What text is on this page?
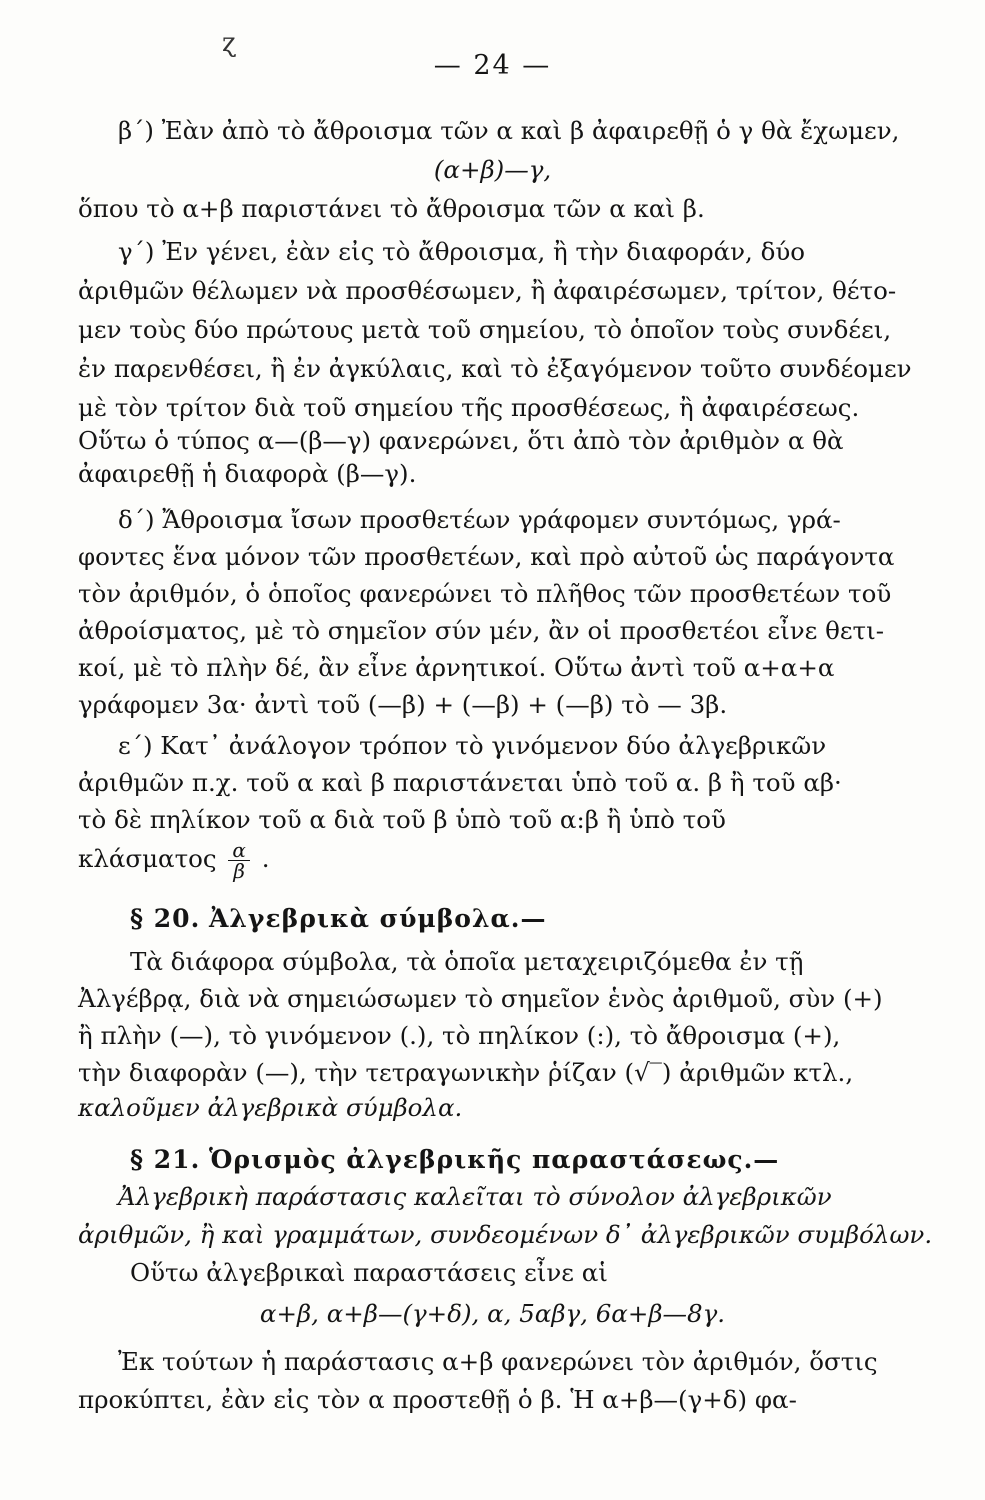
ɀ
— 24 —
β΄) Ἐὰν ἀπὸ τὸ ἄθροισμα τῶν α καὶ β ἀφαιρεθῇ ὁ γ θὰ ἔχωμεν,
(α+β)—γ,
ὅπου τὸ α+β παριστάνει τὸ ἄθροισμα τῶν α καὶ β.
γ΄) Ἐν γένει, ἐὰν εἰς τὸ ἄθροισμα, ἢ τὴν διαφοράν, δύο
ἀριθμῶν θέλωμεν νὰ προσθέσωμεν, ἢ ἀφαιρέσωμεν, τρίτον, θέτο-
μεν τοὺς δύο πρώτους μετὰ τοῦ σημείου, τὸ ὁποῖον τοὺς συνδέει,
ἐν παρενθέσει, ἢ ἐν ἀγκύλαις, καὶ τὸ ἐξαγόμενον τοῦτο συνδέομεν
μὲ τὸν τρίτον διὰ τοῦ σημείου τῆς προσθέσεως, ἢ ἀφαιρέσεως.
Οὕτω ὁ τύπος α—(β—γ) φανερώνει, ὅτι ἀπὸ τὸν ἀριθμὸν α θὰ
ἀφαιρεθῇ ἡ διαφορὰ (β—γ).
δ΄) Ἄθροισμα ἴσων προσθετέων γράφομεν συντόμως, γρά-
φοντες ἕνα μόνον τῶν προσθετέων, καὶ πρὸ αὐτοῦ ὡς παράγοντα
τὸν ἀριθμόν, ὁ ὁποῖος φανερώνει τὸ πλῆθος τῶν προσθετέων τοῦ
ἀθροίσματος, μὲ τὸ σημεῖον σύν μέν, ἂν οἱ προσθετέοι εἶνε θετι-
κοί, μὲ τὸ πλὴν δέ, ἂν εἶνε ἀρνητικοί. Οὕτω ἀντὶ τοῦ α+α+α
γράφομεν 3α· ἀντὶ τοῦ (—β) + (—β) + (—β) τὸ — 3β.
ε΄) Κατ᾿ ἀνάλογον τρόπον τὸ γινόμενον δύο ἀλγεβρικῶν
ἀριθμῶν π.χ. τοῦ α καὶ β παριστάνεται ὑπὸ τοῦ α. β ἢ τοῦ αβ·
τὸ δὲ πηλίκον τοῦ α διὰ τοῦ β ὑπὸ τοῦ α:β ἢ ὑπὸ τοῦ
κλάσματος $\frac{\alpha}{\beta}$ .
§ 20. Ἀλγεβρικὰ σύμβολα.—
Τὰ διάφορα σύμβολα, τὰ ὁποῖα μεταχειριζόμεθα ἐν τῇ
Ἀλγέβρᾳ, διὰ νὰ σημειώσωμεν τὸ σημεῖον ἑνὸς ἀριθμοῦ, σὺν (+)
ἢ πλὴν (—), τὸ γινόμενον (.), τὸ πηλίκον (:), τὸ ἄθροισμα (+),
τὴν διαφορὰν (—), τὴν τετραγωνικὴν ῥίζαν (√‾) ἀριθμῶν κτλ.,
καλοῦμεν ἀλγεβρικὰ σύμβολα.
§ 21. Ὁρισμὸς ἀλγεβρικῆς παραστάσεως.—
Ἀλγεβρικὴ παράστασις καλεῖται τὸ σύνολον ἀλγεβρικῶν
ἀριθμῶν, ἢ καὶ γραμμάτων, συνδεομένων δ᾿ ἀλγεβρικῶν συμβόλων.
Οὕτω ἀλγεβρικαὶ παραστάσεις εἶνε αἱ
α+β, α+β—(γ+δ), α, 5αβγ, 6α+β—8γ.
Ἐκ τούτων ἡ παράστασις α+β φανερώνει τὸν ἀριθμόν, ὅστις
προκύπτει, ἐὰν εἰς τὸν α προστεθῇ ὁ β. Ἡ α+β—(γ+δ) φα-
